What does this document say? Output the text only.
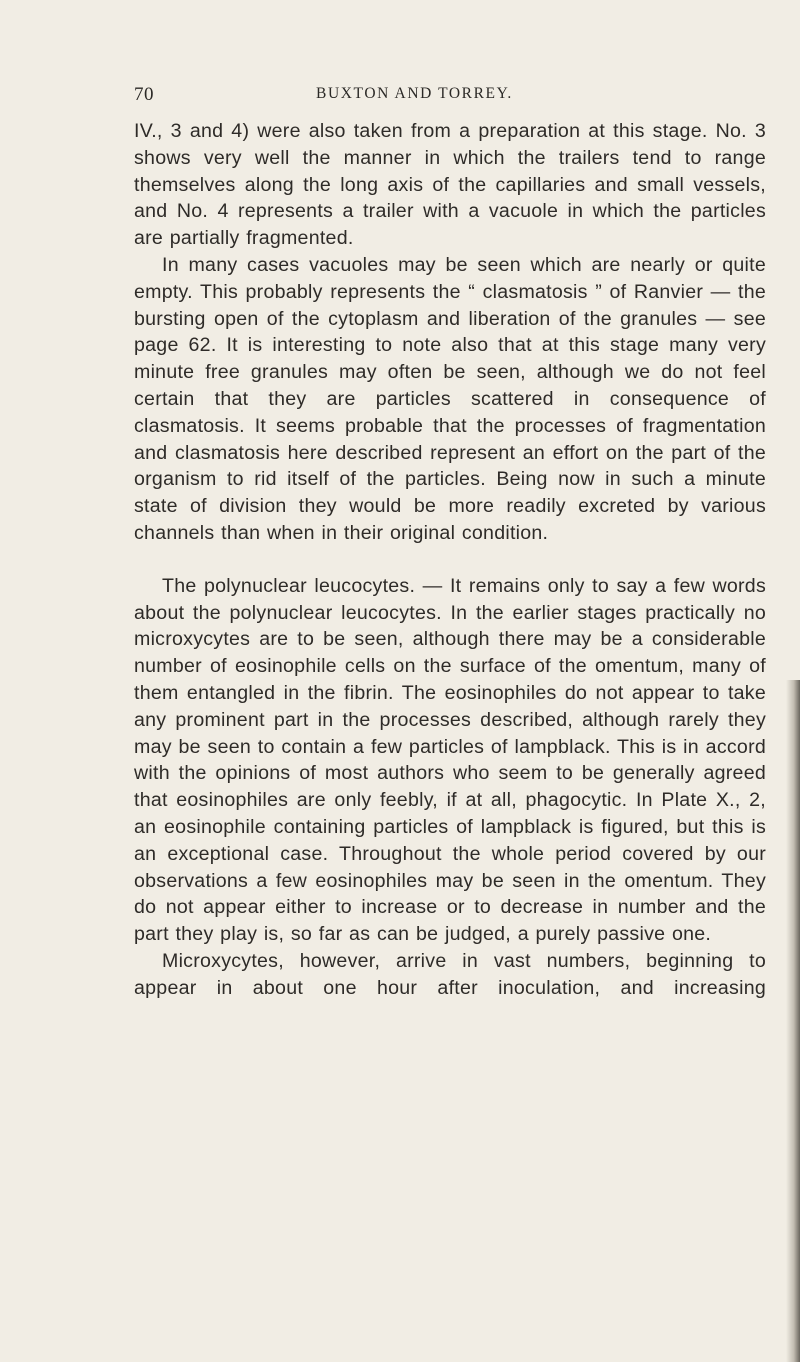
70	BUXTON AND TORREY.

IV., 3 and 4) were also taken from a preparation at this stage. No. 3 shows very well the manner in which the trailers tend to range themselves along the long axis of the capillaries and small vessels, and No. 4 represents a trailer with a vacuole in which the particles are partially fragmented.

In many cases vacuoles may be seen which are nearly or quite empty. This probably represents the “ clasmatosis ” of Ranvier — the bursting open of the cytoplasm and liberation of the granules — see page 62. It is interesting to note also that at this stage many very minute free granules may often be seen, although we do not feel certain that they are particles scattered in consequence of clasmatosis. It seems probable that the processes of fragmentation and clasmatosis here described represent an effort on the part of the organism to rid itself of the particles. Being now in such a minute state of division they would be more readily excreted by various channels than when in their original condition.

The polynuclear leucocytes. — It remains only to say a few words about the polynuclear leucocytes. In the earlier stages practically no microxycytes are to be seen, although there may be a considerable number of eosinophile cells on the surface of the omentum, many of them entangled in the fibrin. The eosinophiles do not appear to take any prominent part in the processes described, although rarely they may be seen to contain a few particles of lampblack. This is in accord with the opinions of most authors who seem to be generally agreed that eosinophiles are only feebly, if at all, phagocytic. In Plate X., 2, an eosinophile containing particles of lampblack is figured, but this is an exceptional case. Throughout the whole period covered by our observations a few eosinophiles may be seen in the omentum. They do not appear either to increase or to decrease in number and the part they play is, so far as can be judged, a purely passive one.

Microxycytes, however, arrive in vast numbers, beginning to appear in about one hour after inoculation, and increasing
